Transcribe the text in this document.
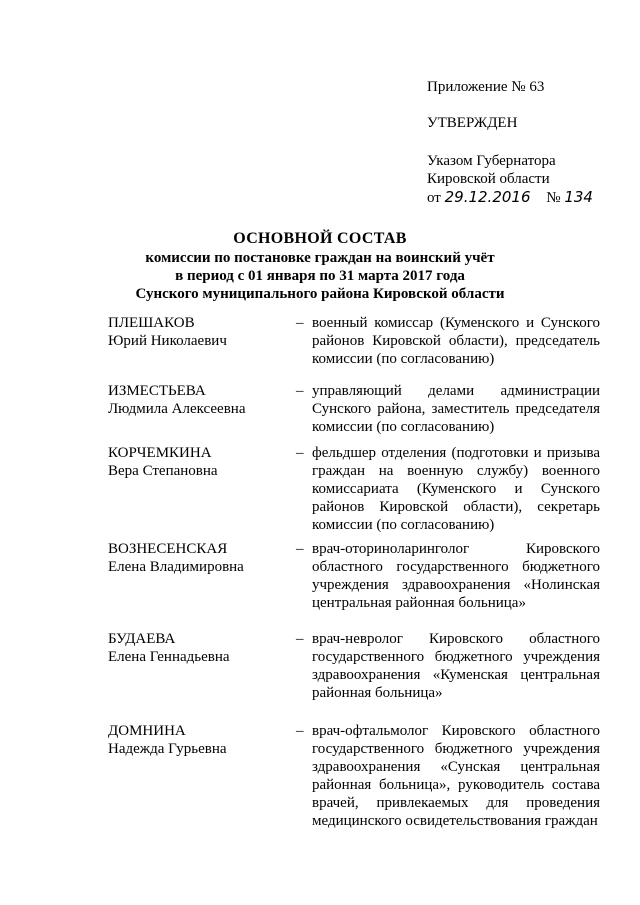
Приложение № 63
УТВЕРЖДЕН
Указом Губернатора
Кировской области
от 29.12.2016 № 134
ОСНОВНОЙ СОСТАВ
комиссии по постановке граждан на воинский учёт
в период с 01 января по 31 марта 2017 года
Сунского муниципального района Кировской области
ПЛЕШАКОВ
Юрий Николаевич
– военный комиссар (Куменского и Сунского районов Кировской области), председатель комиссии (по согласованию)
ИЗМЕСТЬЕВА
Людмила Алексеевна
– управляющий делами администрации Сунского района, заместитель председателя комиссии (по согласованию)
КОРЧЕМКИНА
Вера Степановна
– фельдшер отделения (подготовки и призыва граждан на военную службу) военного комиссариата (Куменского и Сунского районов Кировской области), секретарь комиссии (по согласованию)
ВОЗНЕСЕНСКАЯ
Елена Владимировна
– врач-оториноларинголог Кировского областного государственного бюджетного учреждения здравоохранения «Нолинская центральная районная больница»
БУДАЕВА
Елена Геннадьевна
– врач-невролог Кировского областного государственного бюджетного учреждения здравоохранения «Куменская центральная районная больница»
ДОМНИНА
Надежда Гурьевна
– врач-офтальмолог Кировского областного государственного бюджетного учреждения здравоохранения «Сунская центральная районная больница», руководитель состава врачей, привлекаемых для проведения медицинского освидетельствования граждан
